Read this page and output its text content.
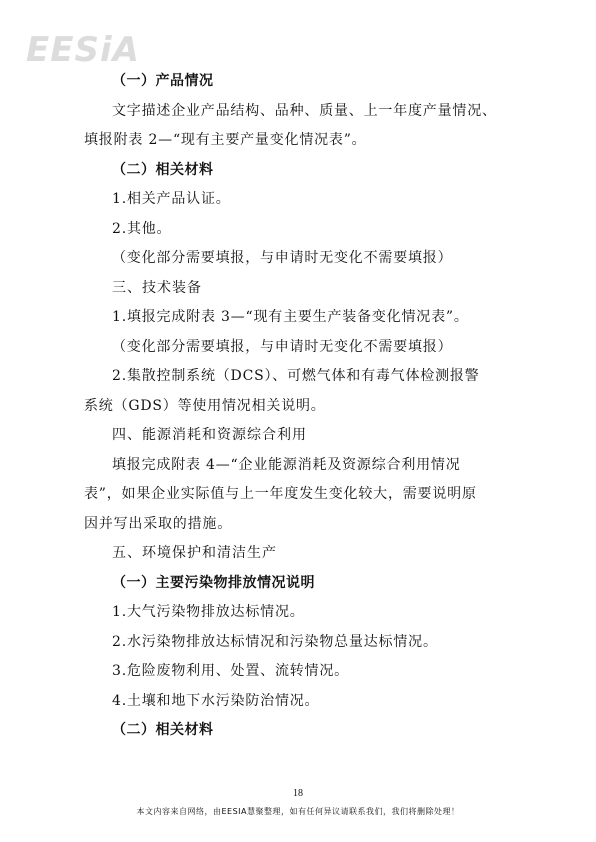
EESiA

（一）产品情况

文字描述企业产品结构、品种、质量、上一年度产量情况、

填报附表 2—“现有主要产量变化情况表”。

（二）相关材料

1.相关产品认证。

2.其他。

（变化部分需要填报，与申请时无变化不需要填报）

三、技术装备

1.填报完成附表 3—“现有主要生产装备变化情况表”。

（变化部分需要填报，与申请时无变化不需要填报）

2.集散控制系统（DCS）、可燃气体和有毒气体检测报警

系统（GDS）等使用情况相关说明。

四、能源消耗和资源综合利用

填报完成附表 4—“企业能源消耗及资源综合利用情况

表”，如果企业实际值与上一年度发生变化较大，需要说明原

因并写出采取的措施。

五、环境保护和清洁生产

（一）主要污染物排放情况说明

1.大气污染物排放达标情况。

2.水污染物排放达标情况和污染物总量达标情况。

3.危险废物利用、处置、流转情况。

4.土壤和地下水污染防治情况。

（二）相关材料

18
本文内容来自网络，由EESIA慧聚整理，如有任何异议请联系我们，我们将删除处理！
